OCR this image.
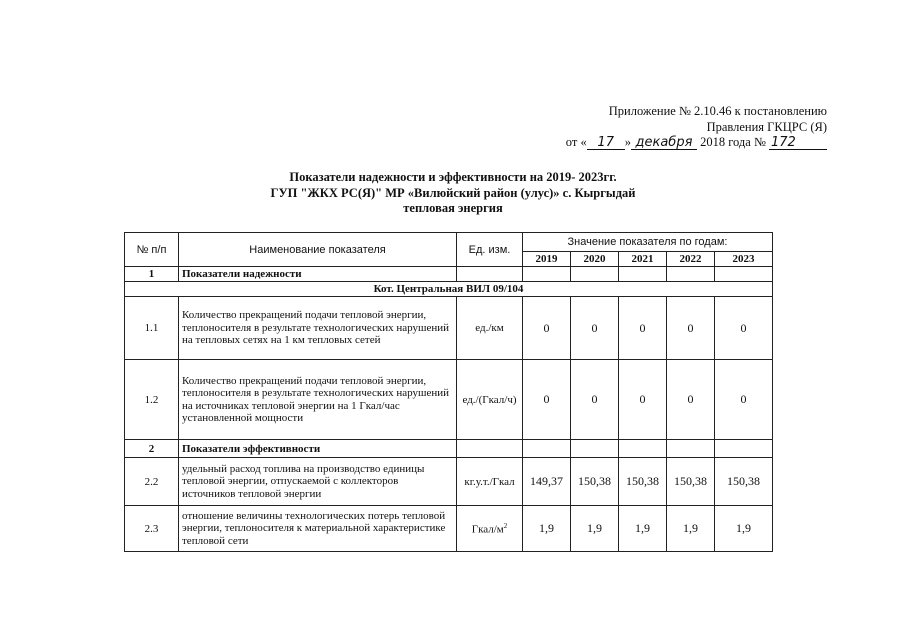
Приложение № 2.10.46 к постановлению
Правления ГКЦРС (Я)
от « 17 » декабря 2018 года № 172
Показатели надежности и эффективности на 2019- 2023гг.
ГУП "ЖКХ РС(Я)" МР «Вилюйский район (улус)» с. Кыргыдай
тепловая энергия
№ п/п	Наименование показателя	Ед. изм.	Значение показателя по годам:				
			2019	2020	2021	2022	2023
1	Показатели надежности						
Кот. Центральная ВИЛ 09/104							
1.1	Количество прекращений подачи тепловой энергии, теплоносителя в результате технологических нарушений на тепловых сетях на 1 км тепловых сетей	ед./км	0	0	0	0	0
1.2	Количество прекращений подачи тепловой энергии, теплоносителя в результате технологических нарушений на источниках тепловой энергии на 1 Гкал/час установленной мощности	ед./(Гкал/ч)	0	0	0	0	0
2	Показатели эффективности						
2.2	удельный расход топлива на производство единицы тепловой энергии, отпускаемой с коллекторов источников тепловой энергии	кг.у.т./Гкал	149,37	150,38	150,38	150,38	150,38
2.3	отношение величины технологических потерь тепловой энергии, теплоносителя к материальной характеристике тепловой сети	Гкал/$м^2$	1,9	1,9	1,9	1,9	1,9
